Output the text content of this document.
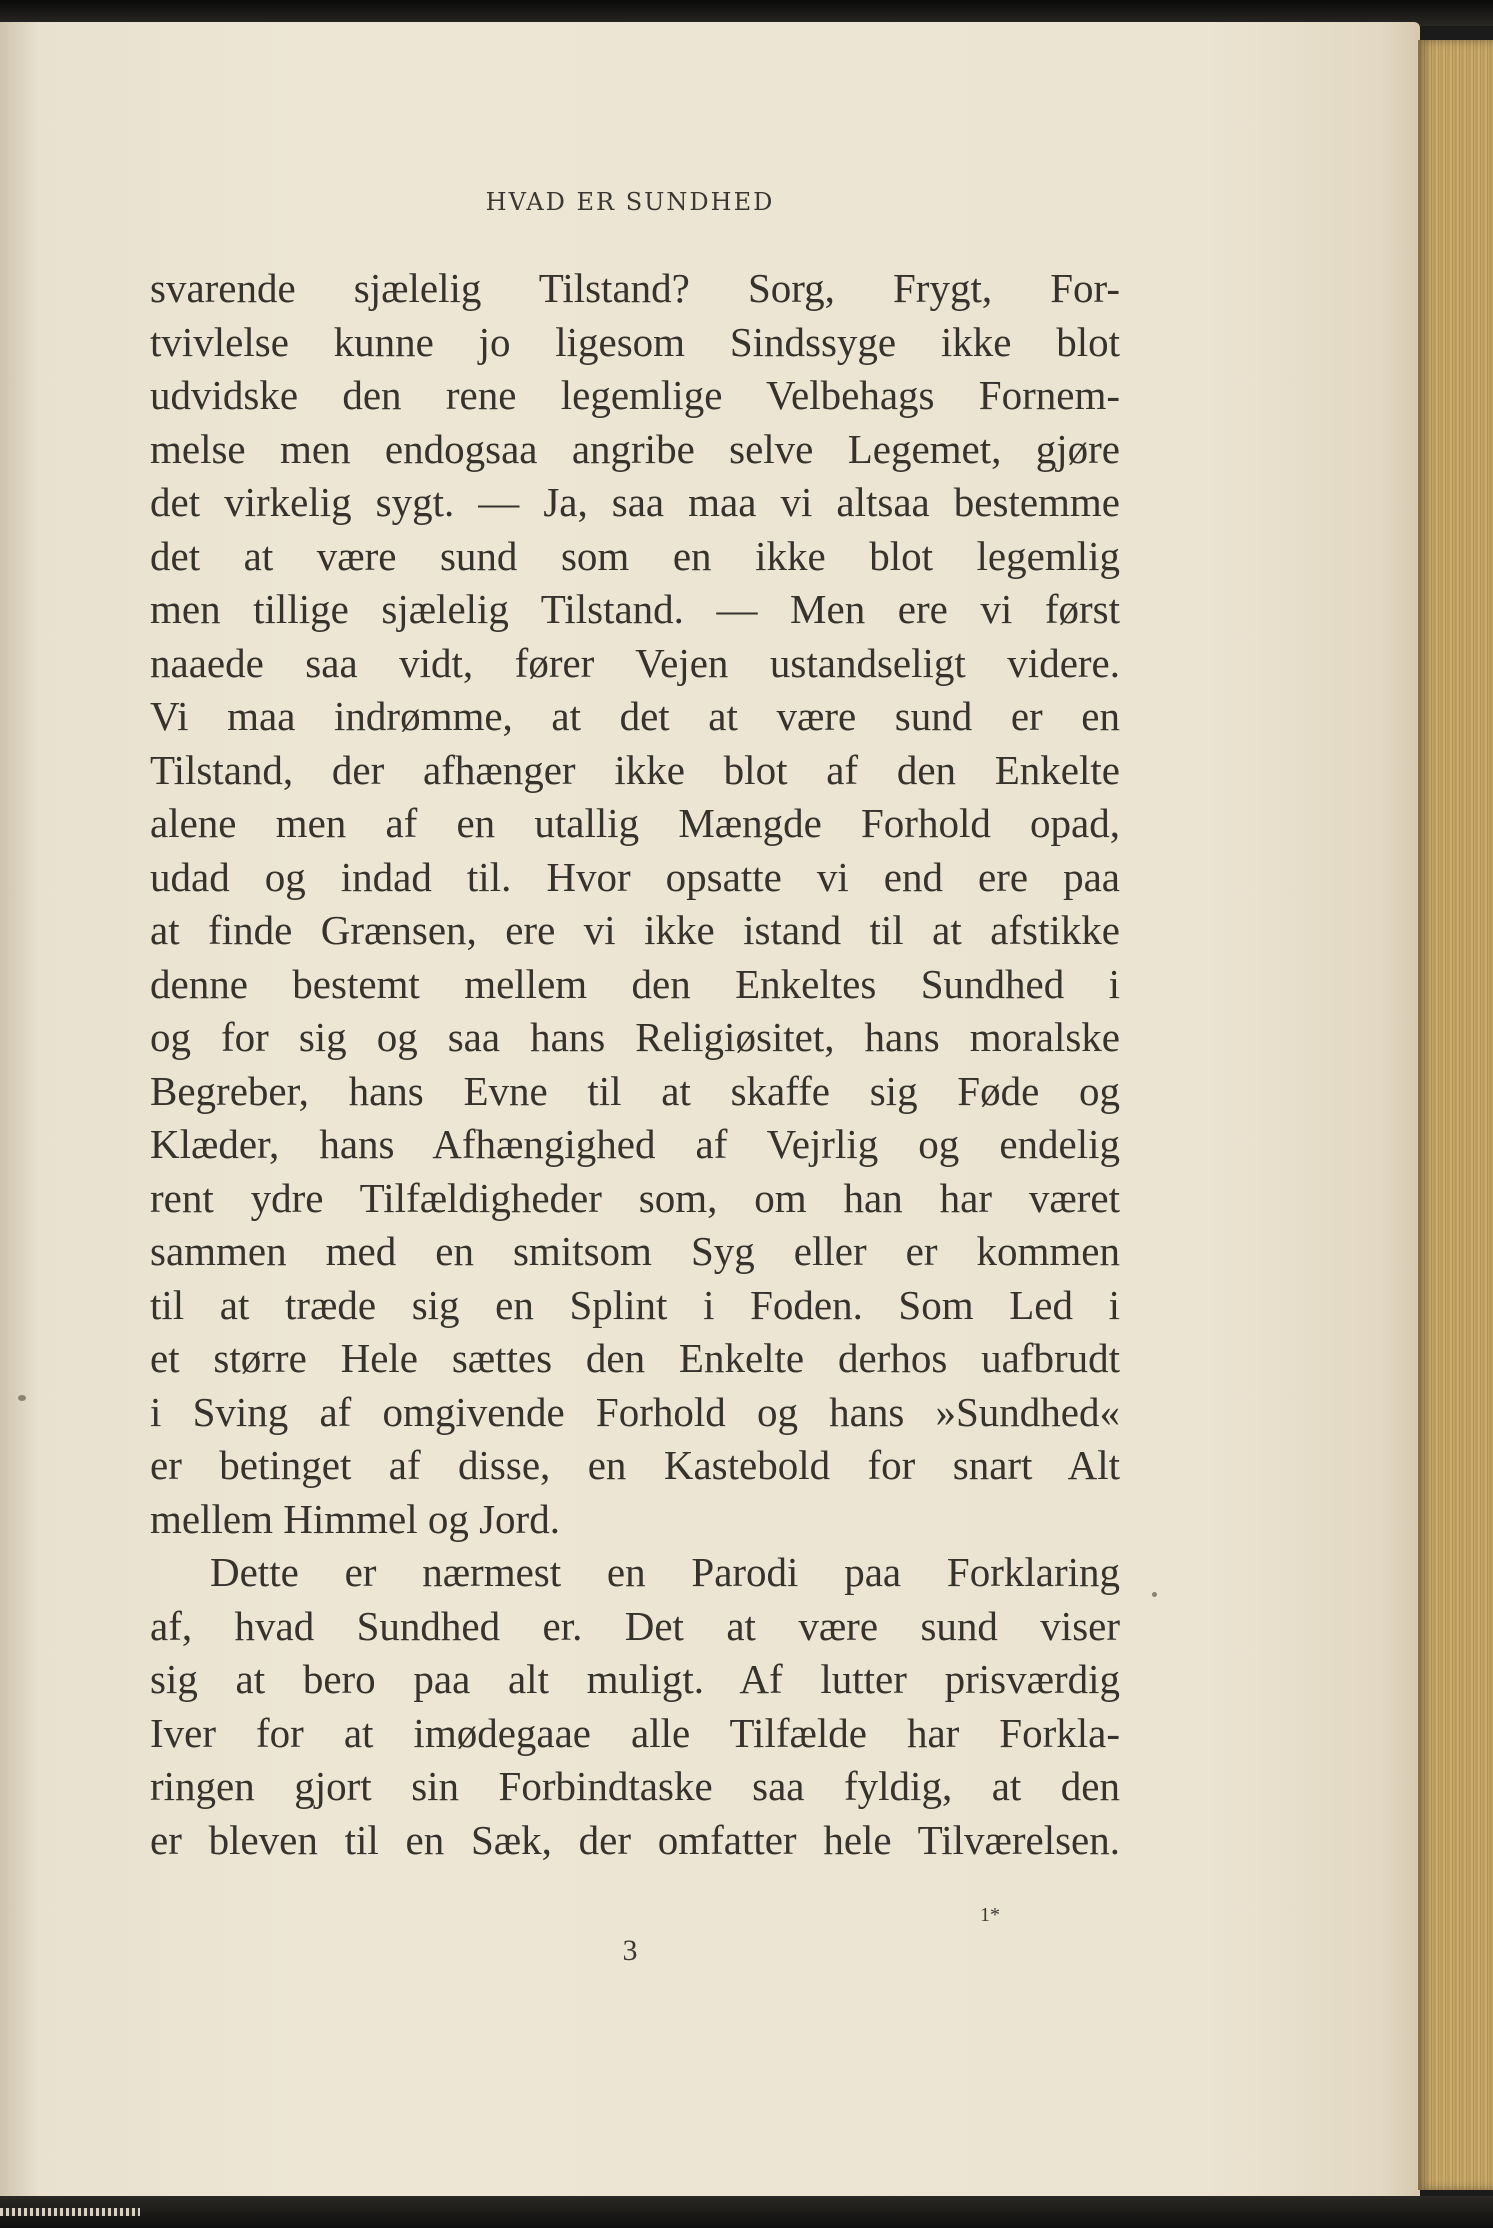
HVAD ER SUNDHED
svarende sjælelig Tilstand? Sorg, Frygt, For-
tvivlelse kunne jo ligesom Sindssyge ikke blot
udvidske den rene legemlige Velbehags Fornem-
melse men endogsaa angribe selve Legemet, gjøre
det virkelig sygt. — Ja, saa maa vi altsaa bestemme
det at være sund som en ikke blot legemlig
men tillige sjælelig Tilstand. — Men ere vi først
naaede saa vidt, fører Vejen ustandseligt videre.
Vi maa indrømme, at det at være sund er en
Tilstand, der afhænger ikke blot af den Enkelte
alene men af en utallig Mængde Forhold opad,
udad og indad til. Hvor opsatte vi end ere paa
at finde Grænsen, ere vi ikke istand til at afstikke
denne bestemt mellem den Enkeltes Sundhed i
og for sig og saa hans Religiøsitet, hans moralske
Begreber, hans Evne til at skaffe sig Føde og
Klæder, hans Afhængighed af Vejrlig og endelig
rent ydre Tilfældigheder som, om han har været
sammen med en smitsom Syg eller er kommen
til at træde sig en Splint i Foden. Som Led i
et større Hele sættes den Enkelte derhos uafbrudt
i Sving af omgivende Forhold og hans »Sundhed«
er betinget af disse, en Kastebold for snart Alt
mellem Himmel og Jord.
Dette er nærmest en Parodi paa Forklaring
af, hvad Sundhed er. Det at være sund viser
sig at bero paa alt muligt. Af lutter prisværdig
Iver for at imødegaae alle Tilfælde har Forkla-
ringen gjort sin Forbindtaske saa fyldig, at den
er bleven til en Sæk, der omfatter hele Tilværelsen.
1*
3
